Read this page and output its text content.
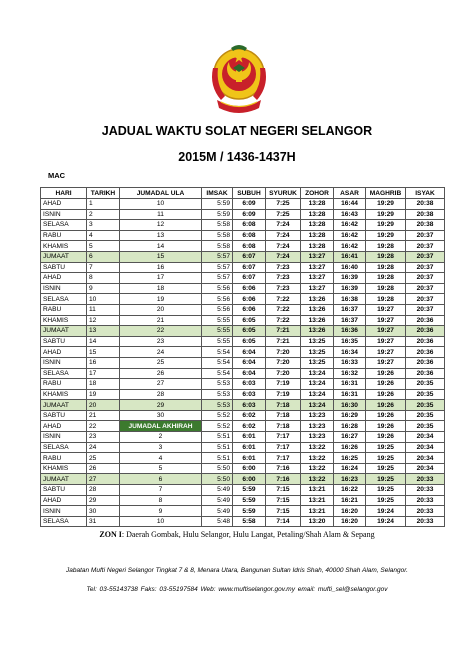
JADUAL WAKTU SOLAT NEGERI SELANGOR
2015M / 1436-1437H
MAC
HARI	TARIKH	JUMADAL ULA	IMSAK	SUBUH	SYURUK	ZOHOR	ASAR	MAGHRIB	ISYAK
AHAD	1	10	5:59	6:09	7:25	13:28	16:44	19:29	20:38
ISNIN	2	11	5:59	6:09	7:25	13:28	16:43	19:29	20:38
SELASA	3	12	5:58	6:08	7:24	13:28	16:42	19:29	20:38
RABU	4	13	5:58	6:08	7:24	13:28	16:42	19:29	20:37
KHAMIS	5	14	5:58	6:08	7:24	13:28	16:42	19:28	20:37
JUMAAT	6	15	5:57	6:07	7:24	13:27	16:41	19:28	20:37
SABTU	7	16	5:57	6:07	7:23	13:27	16:40	19:28	20:37
AHAD	8	17	5:57	6:07	7:23	13:27	16:39	19:28	20:37
ISNIN	9	18	5:56	6:06	7:23	13:27	16:39	19:28	20:37
SELASA	10	19	5:56	6:06	7:22	13:26	16:38	19:28	20:37
RABU	11	20	5:56	6:06	7:22	13:26	16:37	19:27	20:37
KHAMIS	12	21	5:55	6:05	7:22	13:26	16:37	19:27	20:36
JUMAAT	13	22	5:55	6:05	7:21	13:26	16:36	19:27	20:36
SABTU	14	23	5:55	6:05	7:21	13:25	16:35	19:27	20:36
AHAD	15	24	5:54	6:04	7:20	13:25	16:34	19:27	20:36
ISNIN	16	25	5:54	6:04	7:20	13:25	16:33	19:27	20:36
SELASA	17	26	5:54	6:04	7:20	13:24	16:32	19:26	20:36
RABU	18	27	5:53	6:03	7:19	13:24	16:31	19:26	20:35
KHAMIS	19	28	5:53	6:03	7:19	13:24	16:31	19:26	20:35
JUMAAT	20	29	5:53	6:03	7:18	13:24	16:30	19:26	20:35
SABTU	21	30	5:52	6:02	7:18	13:23	16:29	19:26	20:35
AHAD	22	JUMADAL AKHIRAH	5:52	6:02	7:18	13:23	16:28	19:26	20:35
ISNIN	23	2	5:51	6:01	7:17	13:23	16:27	19:26	20:34
SELASA	24	3	5:51	6:01	7:17	13:22	16:26	19:25	20:34
RABU	25	4	5:51	6:01	7:17	13:22	16:25	19:25	20:34
KHAMIS	26	5	5:50	6:00	7:16	13:22	16:24	19:25	20:34
JUMAAT	27	6	5:50	6:00	7:16	13:22	16:23	19:25	20:33
SABTU	28	7	5:49	5:59	7:15	13:21	16:22	19:25	20:33
AHAD	29	8	5:49	5:59	7:15	13:21	16:21	19:25	20:33
ISNIN	30	9	5:49	5:59	7:15	13:21	16:20	19:24	20:33
SELASA	31	10	5:48	5:58	7:14	13:20	16:20	19:24	20:33
ZON I: Daerah Gombak, Hulu Selangor, Hulu Langat, Petaling/Shah Alam & Sepang
Jabatan Mufti Negeri Selangor Tingkat 7 & 8, Menara Utara, Bangunan Sultan Idris Shah, 40000 Shah Alam, Selangor.
Tel: 03-55143738 Faks: 03-55197584 Web: www.muftiselangor.gov.my email: mufti_sel@selangor.gov
